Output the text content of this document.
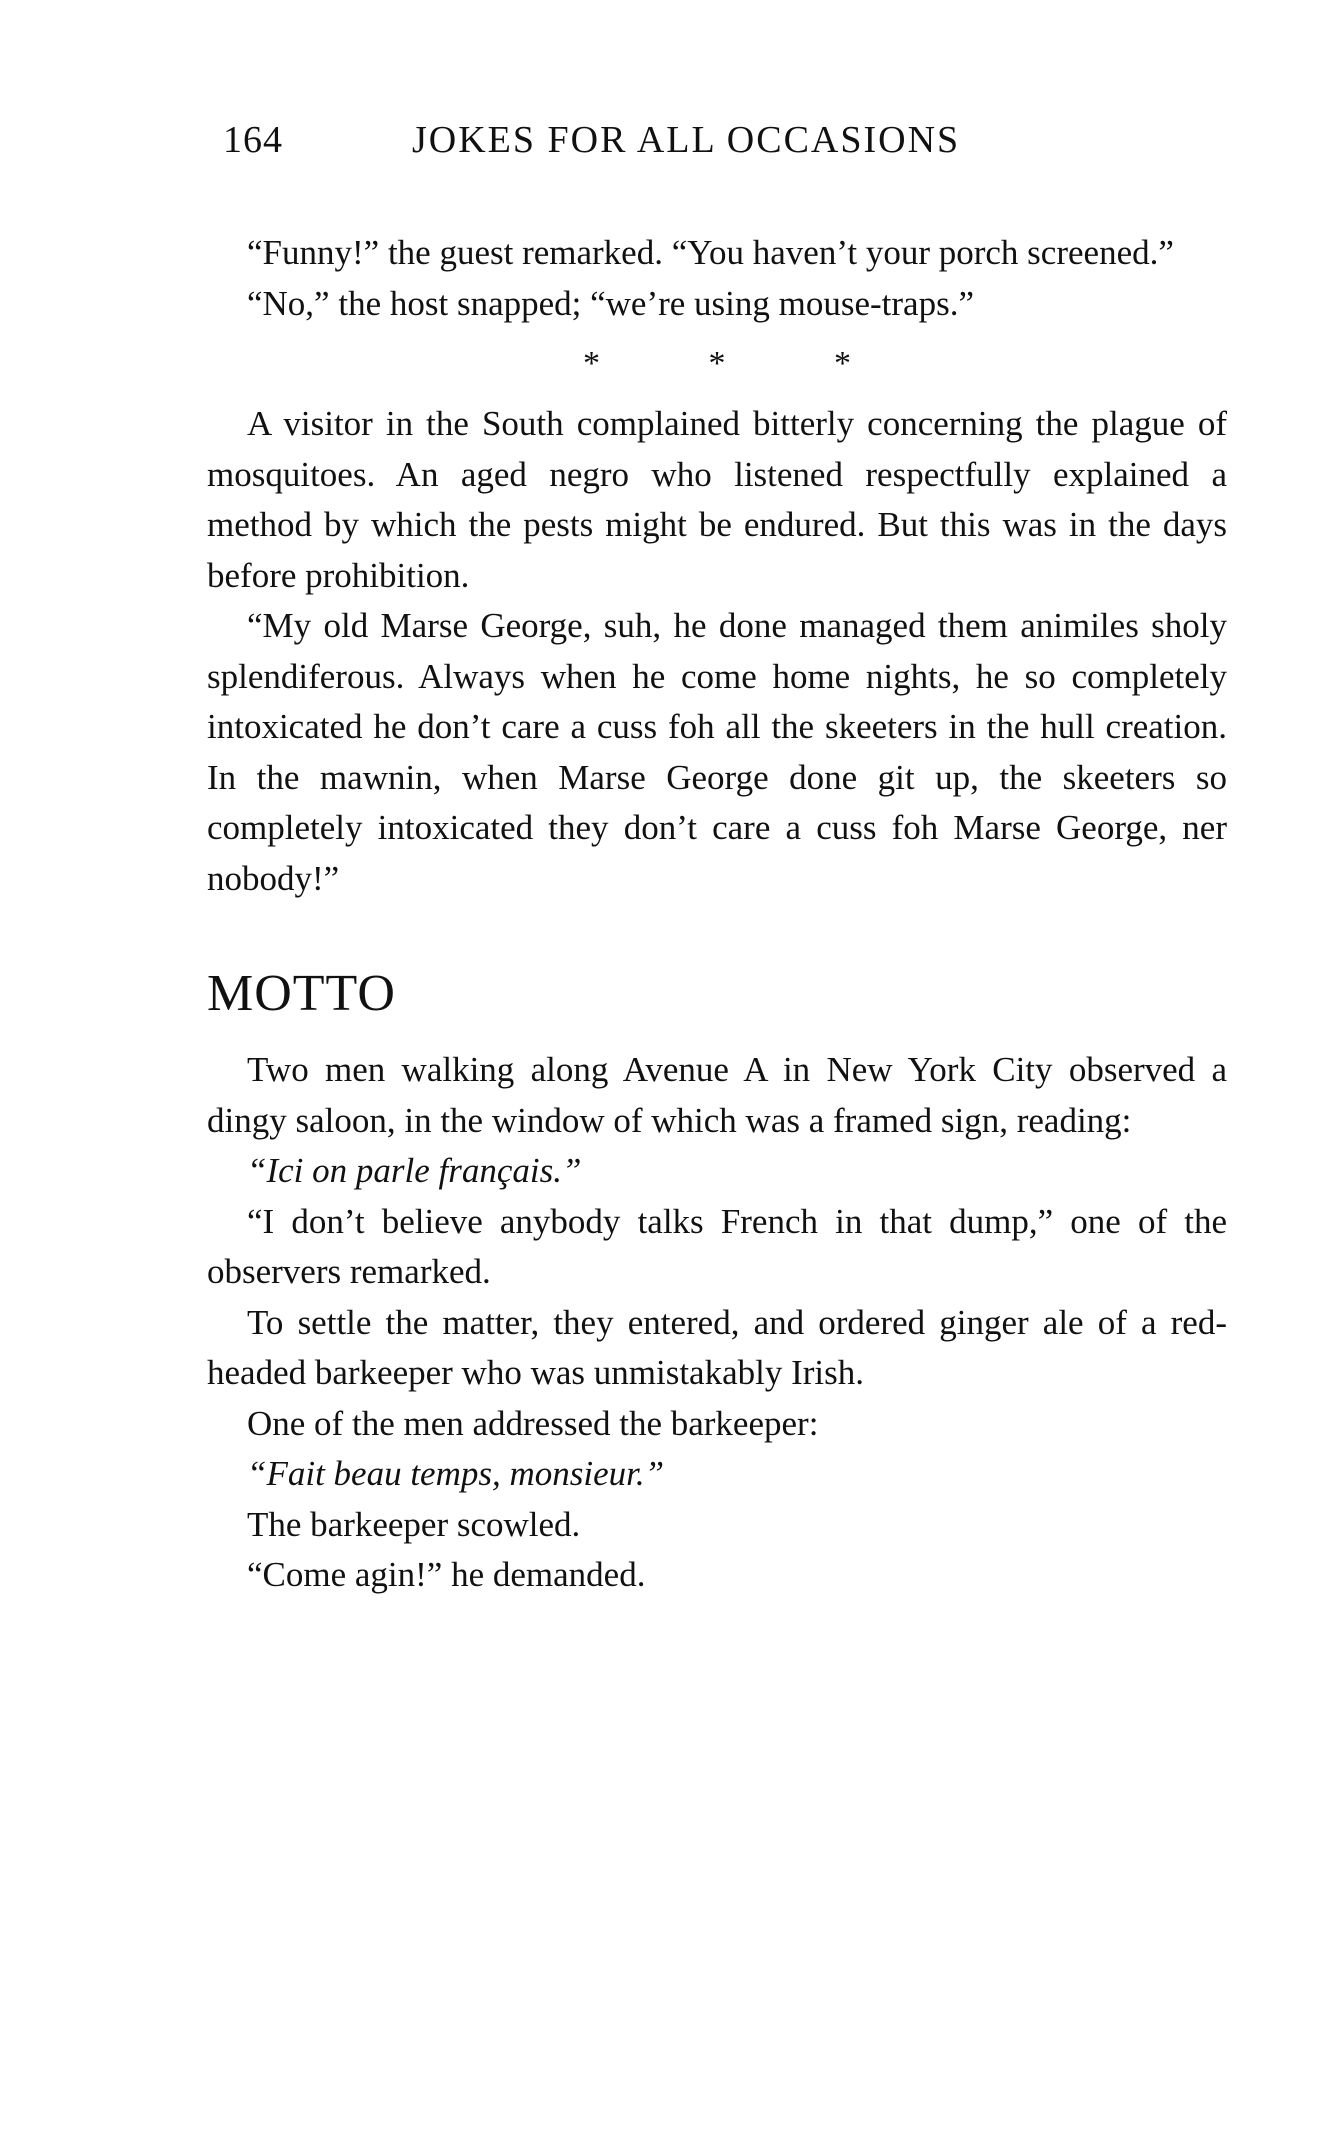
164	JOKES FOR ALL OCCASIONS

“Funny!” the guest remarked. “You haven’t your porch screened.”

“No,” the host snapped; “we’re using mouse-traps.”

* * *

A visitor in the South complained bitterly concerning the plague of mosquitoes. An aged negro who listened respectfully explained a method by which the pests might be endured. But this was in the days before prohibition.

“My old Marse George, suh, he done managed them animiles sholy splendiferous. Always when he come home nights, he so completely intoxicated he don’t care a cuss foh all the skeeters in the hull creation. In the mawnin, when Marse George done git up, the skeeters so completely intoxicated they don’t care a cuss foh Marse George, ner nobody!”

MOTTO

Two men walking along Avenue A in New York City observed a dingy saloon, in the window of which was a framed sign, reading:

“Ici on parle français.”

“I don’t believe anybody talks French in that dump,” one of the observers remarked.

To settle the matter, they entered, and ordered ginger ale of a red-headed barkeeper who was unmistakably Irish.

One of the men addressed the barkeeper:

“Fait beau temps, monsieur.”

The barkeeper scowled.

“Come agin!” he demanded.
